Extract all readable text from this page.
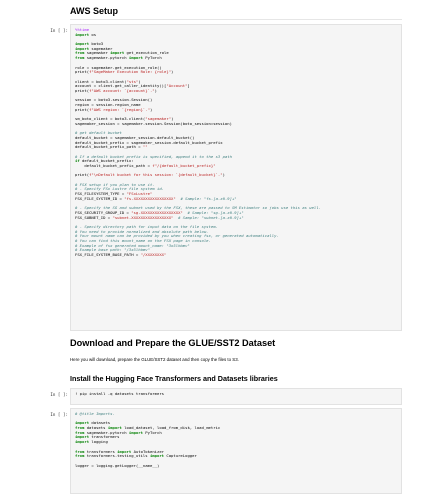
AWS Setup
In [ ]: %%time
import os
import boto3
import sagemaker
from sagemaker import get_execution_role
from sagemaker.pytorch import PyTorch
role = sagemaker.get_execution_role()
print(f"SageMaker Execution Role: {role}")
client = boto3.client("sts")
account = client.get_caller_identity()["Account"]
print(f"AWS account: `{account}`.")
session = boto3.session.Session()
region = session.region_name
print(f"AWS region: `{region}`.")
sm_boto_client = boto3.client("sagemaker")
sagemaker_session = sagemaker.session.Session(boto_session=session)
# get default bucket
default_bucket = sagemaker_session.default_bucket()
default_bucket_prefix = sagemaker_session.default_bucket_prefix
default_bucket_prefix_path = ""
# If a default bucket prefix is specified, append it to the s3 path
if default_bucket_prefix:
default_bucket_prefix_path = f"/{default_bucket_prefix}"
print(f"\nDefault bucket for this session: `{default_bucket}`.")
# FSX setup if you plan to use it.
# - Specify FSx Lustre file system id.
FSX_FILESYSTEM_TYPE = "FSxLustre"
FSX_FILE_SYSTEM_ID = "fs-XXXXXXXXXXXXXXXXX" # Sample: "fs-[a-z0-9]+"
# - Specify the SG and subnet used by the FSX, these are passed to SM Estimator so jobs use this as well.
FSX_SECURITY_GROUP_ID = "sg-XXXXXXXXXXXXXXXXX" # Sample: "sg-[a-z0-9]+"
FSX_SUBNET_ID = "subnet-XXXXXXXXXXXXXXXXX" # Sample: "subnet-[a-z0-9]+"
# - Specify directory path for input data on the file system.
# You need to provide normalized and absolute path below.
# Your mount name can be provided by you when creating fsx, or generated automatically.
# You can find this mount_name on the FSX page in console.
# Example of fsx generated mount_name: "3x5lhbmv"
# Example base path: "/3x5lhbmv"
FSX_FILE_SYSTEM_BASE_PATH = "/XXXXXXXX"
Download and Prepare the GLUE/SST2 Dataset
Here you will download, prepare the GLUE/SST2 dataset and then copy the files to S3.
Install the Hugging Face Transformers and Datasets libraries
In [ ]: ! pip install -q datasets transformers
In [ ]: # @title Imports.
import datasets
from datasets import load_dataset, load_from_disk, load_metric
from sagemaker.pytorch import PyTorch
import transformers
import logging
from transformers import AutoTokenizer
from transformers.testing_utils import CaptureLogger
logger = logging.getLogger(__name__)
